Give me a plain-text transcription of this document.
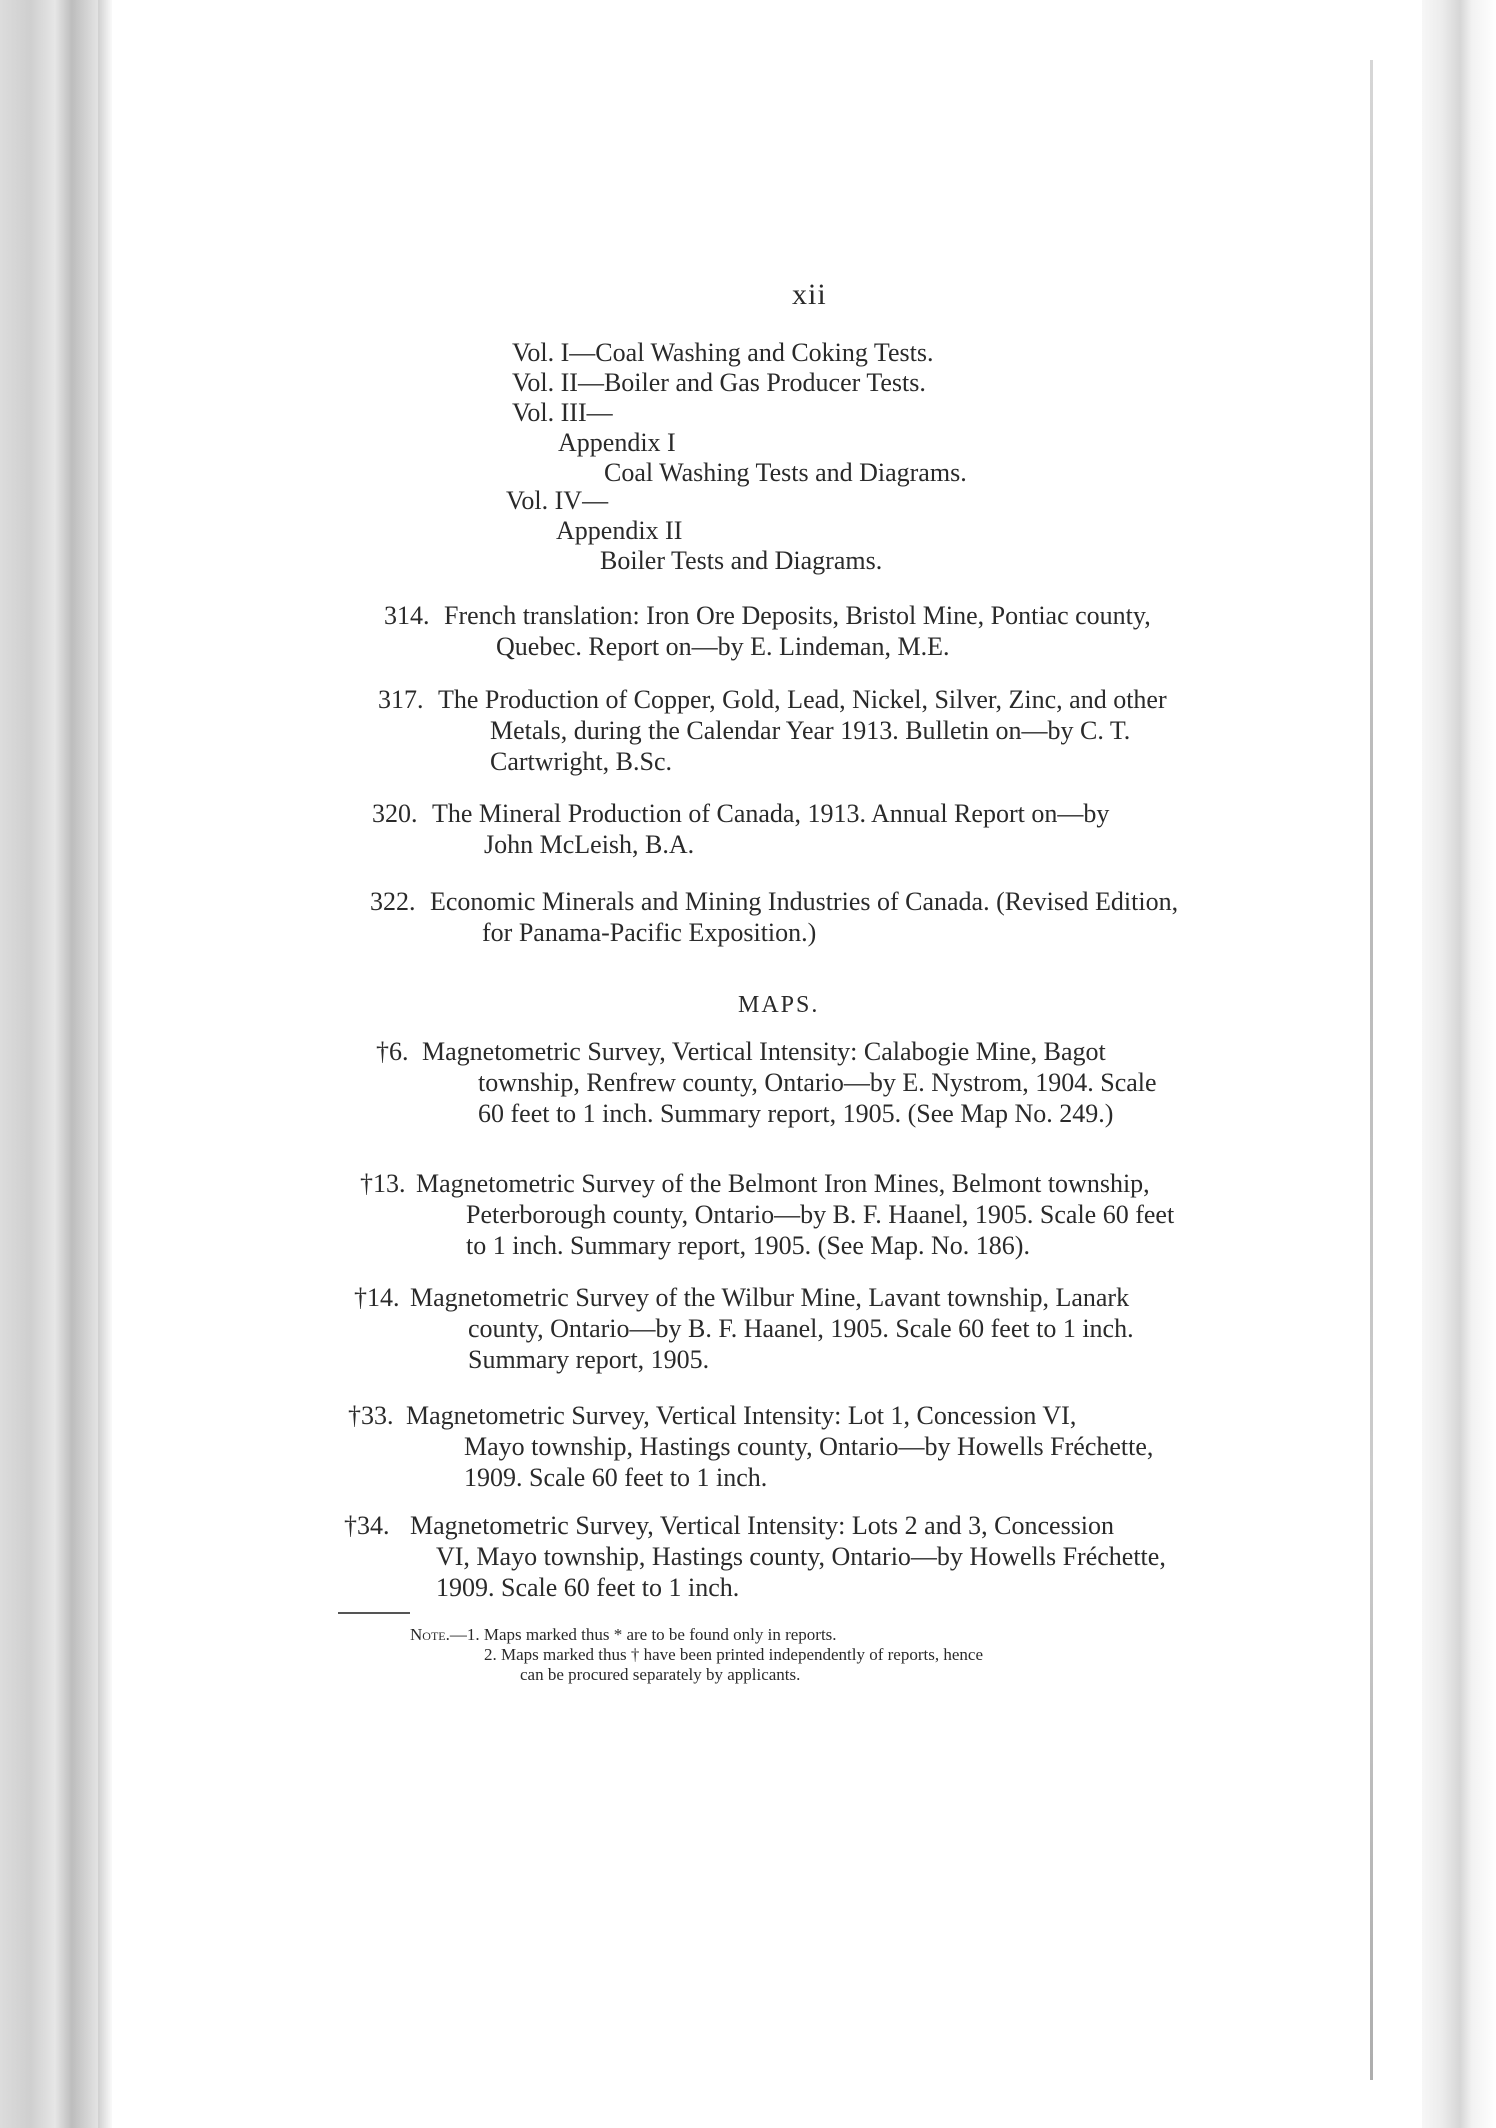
xii
Vol. I—Coal Washing and Coking Tests.
Vol. II—Boiler and Gas Producer Tests.
Vol. III—
Appendix I
Coal Washing Tests and Diagrams.
Vol. IV—
Appendix II
Boiler Tests and Diagrams.
314. French translation: Iron Ore Deposits, Bristol Mine, Pontiac county,
Quebec. Report on—by E. Lindeman, M.E.
317. The Production of Copper, Gold, Lead, Nickel, Silver, Zinc, and other
Metals, during the Calendar Year 1913. Bulletin on—by C. T. Cartwright, B.Sc.
320. The Mineral Production of Canada, 1913. Annual Report on—by
John McLeish, B.A.
322. Economic Minerals and Mining Industries of Canada. (Revised Edition,
for Panama-Pacific Exposition.)
MAPS.
†6. Magnetometric Survey, Vertical Intensity: Calabogie Mine, Bagot
township, Renfrew county, Ontario—by E. Nystrom, 1904. Scale 60 feet to 1 inch. Summary report, 1905. (See Map No. 249.)
†13. Magnetometric Survey of the Belmont Iron Mines, Belmont township,
Peterborough county, Ontario—by B. F. Haanel, 1905. Scale 60 feet to 1 inch. Summary report, 1905. (See Map. No. 186).
†14. Magnetometric Survey of the Wilbur Mine, Lavant township, Lanark
county, Ontario—by B. F. Haanel, 1905. Scale 60 feet to 1 inch. Summary report, 1905.
†33. Magnetometric Survey, Vertical Intensity: Lot 1, Concession VI,
Mayo township, Hastings county, Ontario—by Howells Fréchette, 1909. Scale 60 feet to 1 inch.
†34. Magnetometric Survey, Vertical Intensity: Lots 2 and 3, Concession
VI, Mayo township, Hastings county, Ontario—by Howells Fréchette, 1909. Scale 60 feet to 1 inch.
Note.—1. Maps marked thus * are to be found only in reports.
2. Maps marked thus † have been printed independently of reports, hence
can be procured separately by applicants.
